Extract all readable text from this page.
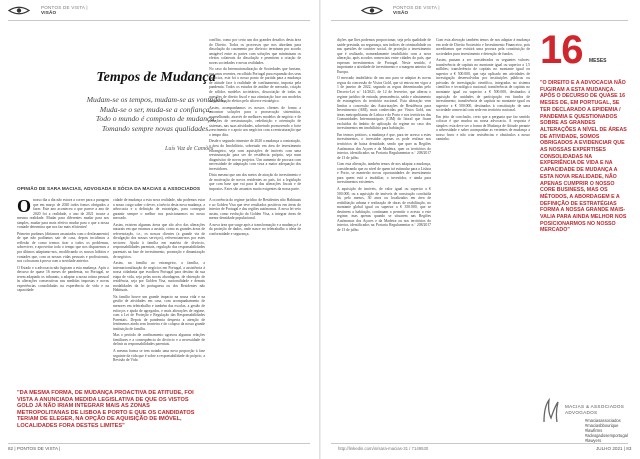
PONTOS DE VISTA |
VISÃO
PONTOS DE VISTA |
VISÃO
Tempos de Mudança
Mudam-se os tempos, mudam-se as vontades,
Muda-se o ser, muda-se a confiança;
Todo o mundo é composto de mudança,
Tomando sempre novas qualidades.
Luís Vaz de Camões
OPINIÃO DE SARA MACIAS, ADVOGADA E SÓCIA DA MACIAS & ASSOCIADOS

conflito, como por certo um dos grandes desafios desta área do Direito. Todos os processos que nos abordam para dissolução do casamento por divórcio terminam por acordo amigável entre as partes com soluções que minimizam os efeitos colaterais da dissolução e permitem a criação de novas sociedades e novas realidades.

No caso da Internacionalização de Sociedades que haviam, nos anos recentes, escolhido Portugal para expansão dos seus negócios, este foi o nosso ponto de partida para a mudança de atitude face à realidade de confinamento, imposta pela pandemia. Todos os estudos de análise de mercado, criação de sólidos modelos societários, dissociação de todas as questões de direito fiscal e sua otimização face aos modelos de governação eleitos pelo alicerce estratégico.

Assim, acompanhamos os nossos clientes de forma a encontrar soluções para a prossecução sistemática, aconselhando, através de melhores modelos de negócio e de soluções de reestruturação, redefinição e orientação de sistemas, nas suas atividades, sobretudo promovendo o forte crescimento e o apoio aos negócios com a reestruturação que o tempo dita.

Desde o segundo trimestre de 2020 a mudança a contratação, a área do Imobiliário, sobretudo em área de investimento estrangeiro, seja com aquisições de imóveis com uma reestruturação para ser de residência própria, seja num diagnóstico de novos projetos. Um aumento de procura com necessidade de adaptação com vista a maior adequação dos investidores.

Diria mesmo que um dos meios de atração do investimento e de motivação de novos residentes ao país, foi a legislação que com base que vai para lá das alterações fiscais e de impostos. Estes são assuntos muito exigentes da nossa parte.

Onosso dia a dia não estava a correr para a paragem que em março de 2020 todos fomos obrigados a fazer. Este ano aconteceu o que parece a ano de 2020 foi a realidade, o ano de 2021 trouxe a mesma realidade. Mudar para diferentes mudar para nos simples, mudar para mais efetivo mudar para o que a nossa vontade determina que nos faz mais eficientes!

Primeiro parâmos (diríamos assustados com o desfasamento) de que não podíamos sair de casa, depois incidimos a reflexão de como iremos tirar a todos os problemas, sobreviver, e aproveitar todo o tempo que nos dispusemos a por últimos adaptamo-nos, modificando os nossos hábitos e vontades que, com as nossas vidas pessoais e profissionais, nos colocaram à prova com a novidade anterior.

O Estado e a advocacia não fugiram a esta mudança. Após o decurso de quase 16 meses de pandemia, no Portugal, se terem adaptado os tribunais, a adaptar a nossa rotina pessoal às alterações consecutivas nas medidas impostas e novas experiências consolidadas na experiência de vida e na capacidade

cidade de mudança a esta nova realidade, não podemos estar a nosso cargo saber o dever, a inércia desta nova mudança, a advocacia e a definição de estratégias, para conseguir garantir sempre o melhor nos posicionarmos no nosso mercado.

Assim, existem algumas áreas que são alvo das alterações naturais em que estamos a assistir, como as grandes áreas de referenciação, i.e., os nossos clientes (a grande via de divulgação dos nossos serviços), referenciam-nos por estes sectores: Ajuda à família em matéria de divórcio, responsabilidades parentais, regulação das responsabilidades parentais na fase de investimento, promoção e dinamização de negócios.

Assim, na família ao estrangeiro, a família, a internacionalização de negócios em Portugal, a assistência à nossa cidadania que escolheu Portugal para destino da sua etapa de vida, seja pelas novas abordagens, de obtenção de residência, seja por Golden Visa, nacionalidade e demais modalidades da lei portuguesa ou dos Residentes não Habituais.

Na família houve um grande impacto na nossa vida e na gestão de atividades em casa, com acompanhamento de menores em teletrabalho e também das escolas, a gestão de esforços e ajuda de agregados, e mais alterações de regime, com a Lei de Proteção e Regulação das Responsabilidades Parentais. Depois de pandemia desperta a atenção de fenómenos ainda sem fronteira e do colapso da nossa grande instituição de família.

Mas o período de confinamento agravou algumas relações familiares e a consequência do divórcio e a necessidade de definir as responsabilidades parentais.

A mesma forma se tem notado uma nova proporção à fase seguinte da vida que é sobre a responsabilidade do próprio, a Revisão de Vida

A ocorrência do regime jurídico de Residentes não Habituais e ao Golden Visa que teve resultados positivos em áreas do interior de Portugal e das regiões autónomas. A nova lei veio assim, como evolução da Golden Visa, a integrar áreas de menor densidade populacional.

A nova área que surge após a transformação e a mudança é a da proteção de dados, onde nasce no teletrabalho a ideia de conformidade e segurança.

"DA MESMA FORMA, DE MUDANÇA PROACTIVA DE ATITUDE, FOI VISTA A ANUNCIADA MEDIDA LEGISLATIVA DE QUE OS VISTOS GOLD JÁ NÃO IRIAM INTEGRAR MAIS AS ZONAS METROPOLITANAS DE LISBOA E PORTO E QUE OS CANDIDATOS TERIAM DE ELEGER, NA OPÇÃO DE AQUISIÇÃO DE IMÓVEL, LOCALIDADES FORA DESTES LIMITES"

dições que lhes podemos proporcionar, seja pela qualidade de saúde prestada, na segurança, nos índices de criminalidade ou nas questões de carácter social, de proteção a investimento que é realizado, nomeadamente imobiliário com a nova alteração, após acordos comerciais entre cidades do país, que esperam investimentos de Portugal. Neste sentido, é importante a atividade de investimento e a margem anterior da Europa.

O mercado imobiliário de um ano para se adaptar às novas regras da concessão de Vistos Gold, que só entrou em vigor a 1 de janeiro de 2022, segundo as regras determinadas pelo Decreto-Lei n.º 14/2021, de 12 de fevereiro, que alterou o regime jurídico de entrada, permanência, saída e afastamento de estrangeiros do território nacional. Esta alteração vem limitar a concessão das Autorizações de Residência para Investimento (ARI), mais conhecidas por Vistos Gold, nas áreas metropolitanas de Lisboa e do Porto e nos territórios das Comunidades Intermunicipais (CIM) do litoral que ficam excluídas do âmbito de aplicação do regime no caso dos investimentos em imobiliário para habitação.

Em termos práticos, a mudança é que, para ter acesso a estes investimentos, o investidor apenas os pode realizar nos territórios de baixa densidade, sendo que quer as Regiões Autónomas dos Açores e da Madeira, quer os territórios do interior, identificados na Portaria Regulamentar n.º 208/2017 de 13 de julho.

Com esta alteração, também temos de nos adaptar a mudança, considerando que ao nível de quem irá estimular para a Lisboa e Porto, se manterão novas oportunidades de investimento para quem está a imobiliar, o investidor, e ainda para investimentos existentes.

A aquisição de imóveis, de valor igual ou superior a € 500.000, ou a aquisição de imóveis de construção concluída há, pelo menos, 30 anos ou localizados em área de reabilitação urbana e realização de obras de reabilitação, no montante global igual ou superior a € 350.000, que se destinem a habitação, continuam a permitir o acesso a este regime, mas apenas quando se situarem nas Regiões Autónomas dos Açores e da Madeira ou nos territórios do interior, identificados na Portaria Regulamentar n.º 208/2017 de 13 de julho.

Com esta alteração também temos de nos adaptar à mudança em sede de Direito Societário e Investimento Financeiro, pois acreditamos que existirá uma procura pela constituição de sociedades para investimento e detenção de fundos.

Assim, passam a ser considerados os seguintes valores: transferência de capitais no montante igual ou superior a 1,5 milhões; transferência de capitais no montante igual ou superior a € 500.000, que seja aplicado em atividades de investigação desenvolvidas por instituições públicas ou privadas de investigação científica, integradas no sistema científico e tecnológico nacional; transferência de capitais no montante igual ou superior a € 500.000, destinados à aquisição de unidades de participação em fundos de investimento; transferência de capitais no montante igual ou superior a € 500.000, destinados à constituição de uma sociedade comercial com sede em território nacional.

Em jeito de conclusão, creio que a pergunta que faz sentido colocar é que mudou na nossa advocacia. A resposta é simples: esta deve ser a forma de Mudança de Atitude perante a adversidade e saber acompanhar as vertentes de mudança a nosso favor e não criar resistências e obstáculos a nosso caminho.

16 MESES
"O DIREITO E A ADVOCACIA NÃO FUGIRAM A ESTA MUDANÇA. APÓS O DECURSO DE QUASE 16 MESES DE, EM PORTUGAL, SE TER DECLARADO A EPIDEMIA / PANDEMIA E QUESTIONADOS SOBRE AS GRANDES ALTERAÇÕES A NÍVEL DE ÁREAS DE ATIVIDADE, SOMOS OBRIGADOS A EVIDENCIAR QUE AS NOSSAS EXPERTISES CONSOLIDADAS NA EXPERIÊNCIA DE VIDA E NA CAPACIDADE DE MUDANÇA A ESTA NOVA REALIDADE, NÃO APENAS CUMPRIR O NOSSO CORE BUSINESS, MAS OS MÉTODOS, A ABORDAGEM E A DEFINIÇÃO DE ESTRATÉGIAS FORMA A NOSSA GRANDE MAIS-VALIA PARA AINDA MELHOR NOS POSICIONARMOS NO NOSSO MERCADO"
MACIAS & ASSOCIADOS
ADVOGADOS
#maciasassociados
#maciasbbourique
#lawfirms
#advogadosemportugal
#lawyers
82 | PONTOS DE VISTA |	http://linkedin.com/in/sara-macias-31 / 7149530	JULHO 2021 | 83
